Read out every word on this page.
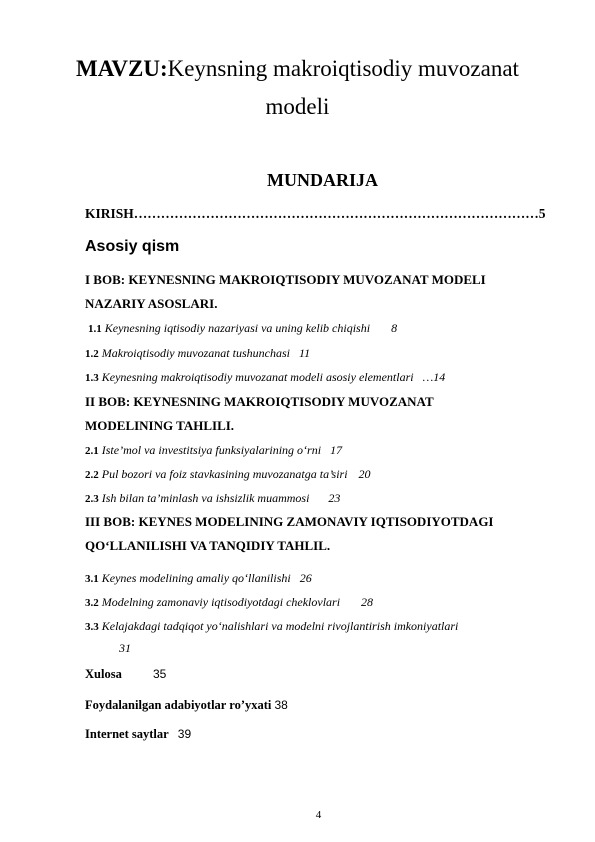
MAVZU:Keynsning makroiqtisodiy muvozanat
modeli
MUNDARIJA
KIRISH………………………………………………………………………………5
Asosiy qism
I BOB: KEYNESNING MAKROIQTISODIY MUVOZANAT MODELI
NAZARIY ASOSLARI.
1.1 Keynesning iqtisodiy nazariyasi va uning kelib chiqishi 8
1.2 Makroiqtisodiy muvozanat tushunchasi 11
1.3 Keynesning makroiqtisodiy muvozanat modeli asosiy elementlari …14
II BOB: KEYNESNING MAKROIQTISODIY MUVOZANAT
MODELINING TAHLILI.
2.1 Iste’mol va investitsiya funksiyalarining o‘rni 17
2.2 Pul bozori va foiz stavkasining muvozanatga ta’siri 20
2.3 Ish bilan ta’minlash va ishsizlik muammosi 23
III BOB: KEYNES MODELINING ZAMONAVIY IQTISODIYOTDAGI
QO‘LLANILISHI VA TANQIDIY TAHLIL.
3.1 Keynes modelining amaliy qo‘llanilishi 26
3.2 Modelning zamonaviy iqtisodiyotdagi cheklovlari 28
3.3 Kelajakdagi tadqiqot yo‘nalishlari va modelni rivojlantirish imkoniyatlari
31
Xulosa	35
Foydalanilgan adabiyotlar ro’yxati 38
Internet saytlar 39
4
